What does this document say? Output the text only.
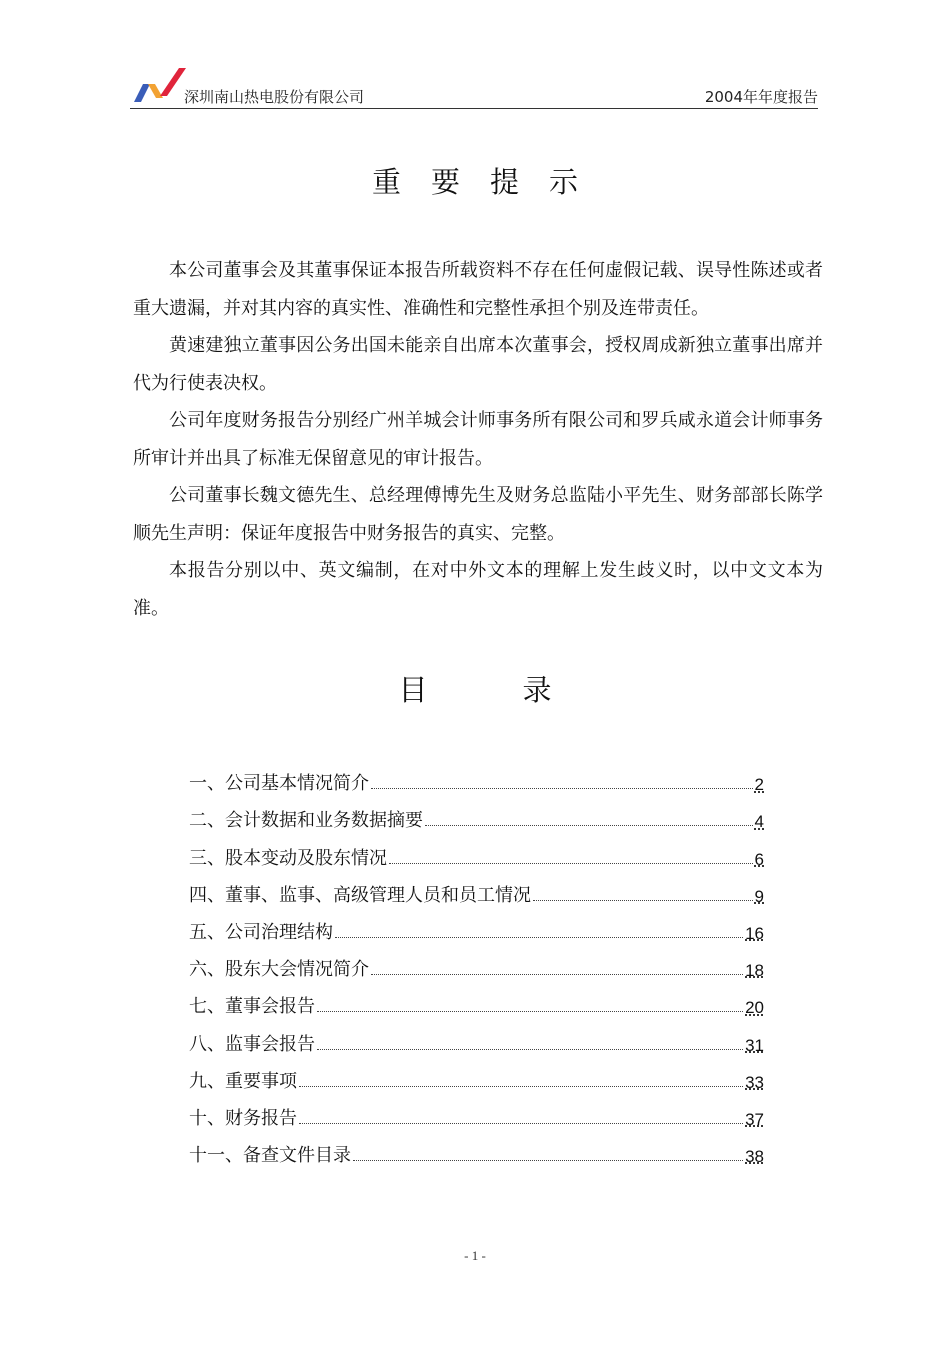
深圳南山热电股份有限公司	2004年年度报告
重要提示

本公司董事会及其董事保证本报告所载资料不存在任何虚假记载、误导性陈述或者重大遗漏，并对其内容的真实性、准确性和完整性承担个别及连带责任。

黄速建独立董事因公务出国未能亲自出席本次董事会，授权周成新独立董事出席并代为行使表决权。

公司年度财务报告分别经广州羊城会计师事务所有限公司和罗兵咸永道会计师事务所审计并出具了标准无保留意见的审计报告。

公司董事长魏文德先生、总经理傅博先生及财务总监陆小平先生、财务部部长陈学顺先生声明：保证年度报告中财务报告的真实、完整。

本报告分别以中、英文编制，在对中外文本的理解上发生歧义时，以中文文本为准。

目录
一、公司基本情况简介	2
二、会计数据和业务数据摘要	4
三、股本变动及股东情况	6
四、董事、监事、高级管理人员和员工情况	9
五、公司治理结构	16
六、股东大会情况简介	18
七、董事会报告	20
八、监事会报告	31
九、重要事项	33
十、财务报告	37
十一、备查文件目录	38
- 1 -
